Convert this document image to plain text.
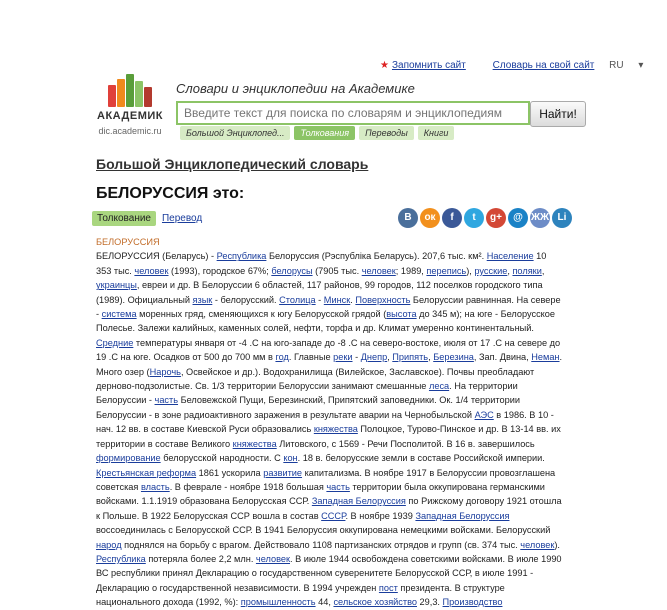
★ Запомнить сайт	Словарь на свой сайт RU ▾
АКАДЕМИК
dic.academic.ru
Словари и энциклопедии на Академике
Введите текст для поиска по словарям и энциклопедиям
Найти!
Большой Энциклопед...	Толкования	Переводы	Книги
Большой Энциклопедический словарь
БЕЛОРУССИЯ это:
Толкование	Перевод	В	ок	f	t	g+	@ ЖЖ Li
БЕЛОРУССИЯ
БЕЛОРУССИЯ (Беларусь) - Республика Белоруссия (Рэспублiка Беларусь). 207,6 тыс. км². Население 10 353 тыс. человек (1993), городское 67%; белорусы (7905 тыс. человек; 1989, перепись), русские, поляки, украинцы, евреи и др. В Белоруссии 6 областей, 117 районов, 99 городов, 112 поселков городского типа (1989). Официальный язык - белорусский. Столица - Минск. Поверхность Белоруссии равнинная. На севере - система моренных гряд, сменяющихся к югу Белорусской грядой (высота до 345 м); на юге - Белорусское Полесье. Залежи калийных, каменных солей, нефти, торфа и др. Климат умеренно континентальный. Средние температуры января от -4 .С на юго-западе до -8 .С на северо-востоке, июля от 17 .С на севере до 19 .С на юге. Осадков от 500 до 700 мм в год. Главные реки - Днепр, Припять, Березина, Зап. Двина, Неман. Много озер (Нарочь, Освейское и др.). Водохранилища (Вилейское, Заславское). Почвы преобладают дерново-подзолистые. Св. 1/3 территории Белоруссии занимают смешанные леса. На территории Белоруссии - часть Беловежской Пущи, Березинский, Припятский заповедники. Ок. 1/4 территории Белоруссии - в зоне радиоактивного заражения в результате аварии на Чернобыльской АЭС в 1986. В 10 - нач. 12 вв. в составе Киевской Руси образовались княжества Полоцкое, Турово-Пинское и др. В 13-14 вв. их территории в составе Великого княжества Литовского, с 1569 - Речи Посполитой. В 16 в. завершилось формирование белорусской народности. С кон. 18 в. белорусские земли в составе Российской империи. Крестьянская реформа 1861 ускорила развитие капитализма. В ноябре 1917 в Белоруссии провозглашена советская власть. В феврале - ноябре 1918 большая часть территории была оккупирована германскими войсками. 1.1.1919 образована Белорусская ССР. Западная Белоруссия по Рижскому договору 1921 отошла к Польше. В 1922 Белорусская ССР вошла в состав СССР. В ноябре 1939 Западная Белоруссия воссоединилась с Белорусской ССР. В 1941 Белоруссия оккупирована немецкими войсками. Белорусский народ поднялся на борьбу с врагом. Действовало 1108 партизанских отрядов и групп (св. 374 тыс. человек). Республика потеряла более 2,2 млн. человек. В июле 1944 освобождена советскими войсками. В июле 1990 ВС республики принял Декларацию о государственном суверенитете Белорусской ССР, в июле 1991 - Декларацию о государственной независимости. В 1994 учрежден пост президента. В структуре национального дохода (1992, %): промышленность 44, сельское хозяйство 29,3. Производство
